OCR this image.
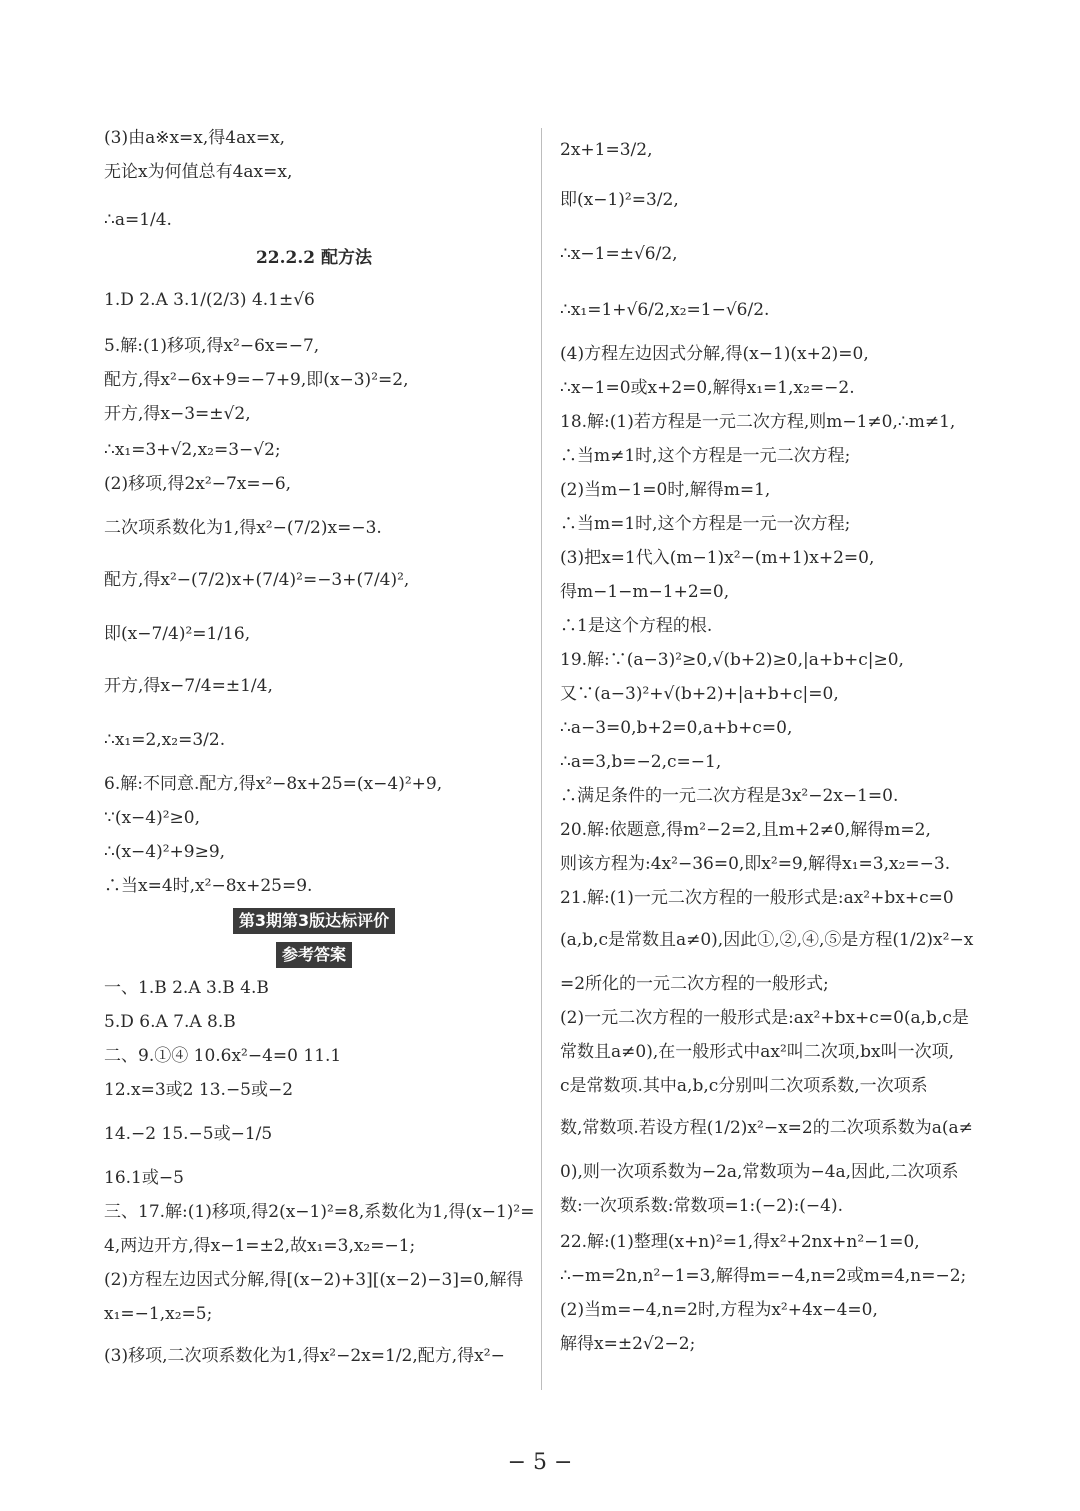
(3)由a※x=x,得4ax=x,
无论x为何值总有4ax=x,
∴a=1/4.
22.2.2 配方法
1.D 2.A 3.1/(2/3) 4.1±√6
5.解:(1)移项,得x²−6x=−7,
配方,得x²−6x+9=−7+9,即(x−3)²=2,
开方,得x−3=±√2,
∴x₁=3+√2,x₂=3−√2;
(2)移项,得2x²−7x=−6,
二次项系数化为1,得x²−(7/2)x=−3.
配方,得x²−(7/2)x+(7/4)²=−3+(7/4)²,
即(x−7/4)²=1/16,
开方,得x−7/4=±1/4,
∴x₁=2,x₂=3/2.
6.解:不同意.配方,得x²−8x+25=(x−4)²+9,
∵(x−4)²≥0,
∴(x−4)²+9≥9,
∴当x=4时,x²−8x+25=9.
第3期第3版达标评价
参考答案
一、1.B 2.A 3.B 4.B
5.D 6.A 7.A 8.B
二、9.①④ 10.6x²−4=0 11.1
12.x=3或2 13.−5或−2
14.−2 15.−5或−1/5
16.1或−5
三、17.解:(1)移项,得2(x−1)²=8,系数化为1,得(x−1)²=
4,两边开方,得x−1=±2,故x₁=3,x₂=−1;
(2)方程左边因式分解,得[(x−2)+3][(x−2)−3]=0,解得
x₁=−1,x₂=5;
(3)移项,二次项系数化为1,得x²−2x=1/2,配方,得x²−
2x+1=3/2,
即(x−1)²=3/2,
∴x−1=±√6/2,
∴x₁=1+√6/2,x₂=1−√6/2.
(4)方程左边因式分解,得(x−1)(x+2)=0,
∴x−1=0或x+2=0,解得x₁=1,x₂=−2.
18.解:(1)若方程是一元二次方程,则m−1≠0,∴m≠1,
∴当m≠1时,这个方程是一元二次方程;
(2)当m−1=0时,解得m=1,
∴当m=1时,这个方程是一元一次方程;
(3)把x=1代入(m−1)x²−(m+1)x+2=0,
得m−1−m−1+2=0,
∴1是这个方程的根.
19.解:∵(a−3)²≥0,√(b+2)≥0,|a+b+c|≥0,
又∵(a−3)²+√(b+2)+|a+b+c|=0,
∴a−3=0,b+2=0,a+b+c=0,
∴a=3,b=−2,c=−1,
∴满足条件的一元二次方程是3x²−2x−1=0.
20.解:依题意,得m²−2=2,且m+2≠0,解得m=2,
则该方程为:4x²−36=0,即x²=9,解得x₁=3,x₂=−3.
21.解:(1)一元二次方程的一般形式是:ax²+bx+c=0
(a,b,c是常数且a≠0),因此①,②,④,⑤是方程(1/2)x²−x
=2所化的一元二次方程的一般形式;
(2)一元二次方程的一般形式是:ax²+bx+c=0(a,b,c是
常数且a≠0),在一般形式中ax²叫二次项,bx叫一次项,
c是常数项.其中a,b,c分别叫二次项系数,一次项系
数,常数项.若设方程(1/2)x²−x=2的二次项系数为a(a≠
0),则一次项系数为−2a,常数项为−4a,因此,二次项系
数:一次项系数:常数项=1:(−2):(−4).
22.解:(1)整理(x+n)²=1,得x²+2nx+n²−1=0,
∴−m=2n,n²−1=3,解得m=−4,n=2或m=4,n=−2;
(2)当m=−4,n=2时,方程为x²+4x−4=0,
解得x=±2√2−2;
− 5 −
